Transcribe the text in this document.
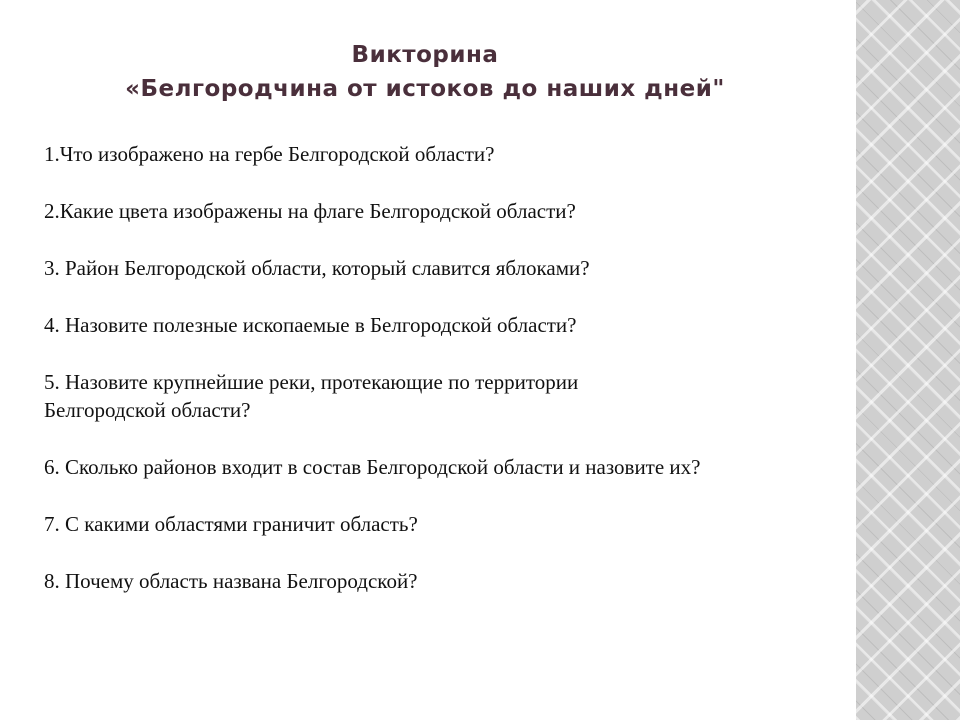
Викторина
«Белгородчина от истоков до наших дней"
1.Что изображено на гербе Белгородской области?
2.Какие цвета изображены на флаге Белгородской области?
3. Район Белгородской области, который славится яблоками?
4. Назовите полезные ископаемые в Белгородской области?
5. Назовите крупнейшие реки, протекающие по территории
Белгородской области?
6. Сколько районов входит в состав Белгородской области и назовите их?
7. С какими областями граничит область?
8. Почему область названа Белгородской?
